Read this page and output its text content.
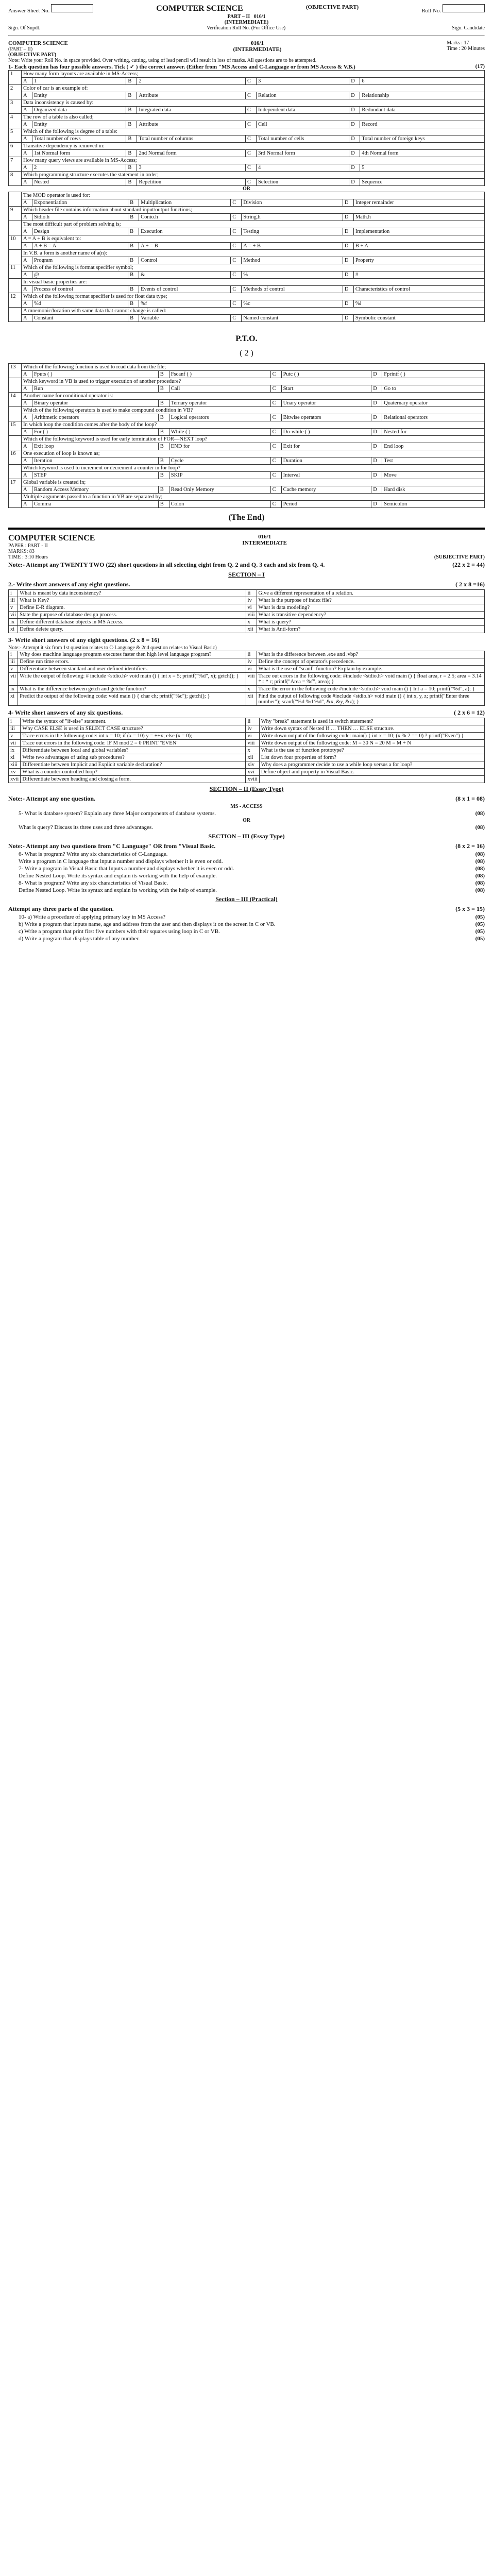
Answer Sheet No.	COMPUTER SCIENCE	(OBJECTIVE PART)
Roll No.
PART – II 016/1
(INTERMEDIATE)
Sign. Of Supdt.	Verification Roll No. (For Office Use)	Sign. Candidate
COMPUTER SCIENCE
(PART – II)
(OBJECTIVE PART)
016/1
(INTERMEDIATE)
Marks : 17
Time : 20 Minutes
Note: Write your Roll No. in space provided. Over writing, cutting, using of lead pencil will result in loss of marks. All questions are to be attempted.
1- Each question has four possible answers. Tick ( ✓ ) the correct answer. (Either from "MS Access and C-Language or from MS Access & V.B.)	(17)
1	How many form layouts are available in MS-Access;							
	A	1	B	2	C	3	D	6
2	Color of car is an example of:							
	A	Entity	B	Attribute	C	Relation	D	Relationship
3	Data inconsistency is caused by:							
	A	Organized data	B	Integrated data	C	Independent data	D	Redundant data
4	The row of a table is also called;							
	A	Entity	B	Attribute	C	Cell	D	Record
5	Which of the following is degree of a table:							
	A	Total number of rows	B	Total number of columns	C	Total number of cells	D	Total number of foreign keys
6	Transitive dependency is removed in:							
	A	1st Normal form	B	2nd Normal form	C	3rd Normal form	D	4th Normal form
7	How many query views are available in MS-Access;							
	A	2	B	3	C	4	D	5
8	Which programming structure executes the statement in order;							
	A	Nested	B	Repetition	C	Selection	D	Sequence
OR
	The MOD operator is used for:							
	A	Exponentiation	B	Multiplication	C	Division	D	Integer remainder
9	Which header file contains information about standard input/output functions;							
	A	Stdio.h	B	Conio.h	C	String.h	D	Math.h
	The most difficult part of problem solving is;							
	A	Design	B	Execution	C	Testing	D	Implementation
10	A = A + B is equivalent to:							
	A	A + B = A	B	A + = B	C	A = + B	D	B + A
	In V.B. a form is another name of a(n):							
	A	Program	B	Control	C	Method	D	Property
11	Which of the following is format specifier symbol;							
	A	@	B	&	C	%	D	#
	In visual basic properties are:							
	A	Process of control	B	Events of control	C	Methods of control	D	Characteristics of control
12	Which of the following format specifier is used for float data type;							
	A	%d	B	%f	C	%c	D	%i
	A mnemonic/location with same data that cannot change is called:							
	A	Constant	B	Variable	C	Named constant	D	Symbolic constant
P.T.O.
( 2 )
13	Which of the following function is used to read data from the file;							
	A	Fputs ( )	B	Fscanf ( )	C	Putc ( )	D	Fprintf ( )
	Which keyword in VB is used to trigger execution of another procedure?							
	A	Run	B	Call	C	Start	D	Go to
14	Another name for conditional operator is:							
	A	Binary operator	B	Ternary operator	C	Unary operator	D	Quaternary operator
	Which of the following operators is used to make compound condition in VB?							
	A	Arithmetic operators	B	Logical operators	C	Bitwise operators	D	Relational operators
15	In which loop the condition comes after the body of the loop?							
	A	For ( )	B	While ( )	C	Do-while ( )	D	Nested for
	Which of the following keyword is used for early termination of FOR—NEXT loop?							
	A	Exit loop	B	END for	C	Exit for	D	End loop
16	One execution of loop is known as;							
	A	Iteration	B	Cycle	C	Duration	D	Test
	Which keyword is used to increment or decrement a counter in for loop?							
	A	STEP	B	SKIP	C	Interval	D	Move
17	Global variable is created in;							
	A	Random Access Memory	B	Read Only Memory	C	Cache memory	D	Hard disk
	Multiple arguments passed to a function in VB are separated by;							
	A	Comma	B	Colon	C	Period	D	Semicolon
(The End)
COMPUTER SCIENCE
PAPER : PART - II
MARKS: 83
TIME : 3:10 Hours
016/1
INTERMEDIATE
(SUBJECTIVE PART)
Note:- Attempt any TWENTY TWO (22) short questions in all selecting eight from Q. 2 and Q. 3 each and six from Q. 4.	(22 x 2 = 44)
SECTION – I
2.- Write short answers of any eight questions.	( 2 x 8 =16)
i	What is meant by data inconsistency?	ii	Give a different representation of a relation.
iii	What is Key?	iv	What is the purpose of index file?
v	Define E-R diagram.	vi	What is data modeling?
vii	State the purpose of database design process.	viii	What is transitive dependency?
ix	Define different database objects in MS Access.	x	What is query?
xi	Define delete query.	xii	What is Anti-form?
3- Write short answers of any eight questions. (2 x 8 = 16)
Note:- Attempt it six from 1st question relates to C-Language & 2nd question relates to Visual Basic)
i	Why does machine language program executes faster then high level language program?	ii	What is the difference between .exe and .vbp?
iii	Define run time errors.	iv	Define the concept of operator's precedence.
v	Differentiate between standard and user defined identifiers.	vi	What is the use of "scanf" function? Explain by example.
vii	Write the output of following: # include <stdio.h> void main () { int x = 5; printf("%d", x); getch(); }	viii	Trace out errors in the following code: #include <stdio.h> void main () { float area, r = 2.5; area = 3.14 * r * r; printf("Area = %f", area); }
ix	What is the difference between getch and getche function?	x	Trace the error in the following code #include <stdio.h> void main () { Int a = 10; printf("%d", a); }
xi	Predict the output of the following code: void main () { char ch; printf("%c"); getch(); }	xii	Find the output of following code #include <stdio.h> void main () { int x, y, z; printf("Enter three number"); scanf("%d %d %d", &x, &y, &z); }
4- Write short answers of any six questions.	( 2 x 6 = 12)
i	Write the syntax of "if-else" statement.	ii	Why "break" statement is used in switch statement?
iii	Why CASE ELSE is used in SELECT CASE structure?	iv	Write down syntax of Nested If … THEN … ELSE structure.
v	Trace errors in the following code: int x = 10; if (x = 10) y = ++x; else (x = 0);	vi	Write down output of the following code: main() { int x = 10; (x % 2 == 0) ? printf("Even") }
vii	Trace out errors in the following code: IF M mod 2 = 0 PRINT "EVEN"	viii	Write down output of the following code: M = 30 N = 20 M = M + N
ix	Differentiate between local and global variables?	x	What is the use of function prototype?
xi	Write two advantages of using sub procedures?	xii	List down four properties of form?
xiii	Differentiate between Implicit and Explicit variable declaration?	xiv	Why does a programmer decide to use a while loop versus a for loop?
xv	What is a counter-controlled loop?	xvi	Define object and property in Visual Basic.
xvii	Differentiate between heading and closing a form.	xviii	
SECTION – II (Essay Type)
Note:- Attempt any one question.	(8 x 1 = 08)
MS - ACCESS
5- What is database system? Explain any three Major components of database systems.	(08)
OR
What is query? Discuss its three uses and three advantages.	(08)
SECTION – III (Essay Type)
Note:- Attempt any two questions from "C Language" OR from "Visual Basic.	(8 x 2 = 16)
6- What is program? Write any six characteristics of C-Language.	(08)
Write a program in C language that input a number and displays whether it is even or odd.	(08)
7- Write a program in Visual Basic that Inputs a number and displays whether it is even or odd.	(08)
Define Nested Loop. Write its syntax and explain its working with the help of example.	(08)
8- What is program? Write any six characteristics of Visual Basic.	(08)
Define Nested Loop. Write its syntax and explain its working with the help of example.	(08)
Section – III (Practical)
Attempt any three parts of the question.	(5 x 3 = 15)
10- a) Write a procedure of applying primary key in MS Access?	(05)
b) Write a program that inputs name, age and address from the user and then displays it on the screen in C or VB.	(05)
c) Write a program that print first five numbers with their squares using loop in C or VB.	(05)
d) Write a program that displays table of any number.	(05)
